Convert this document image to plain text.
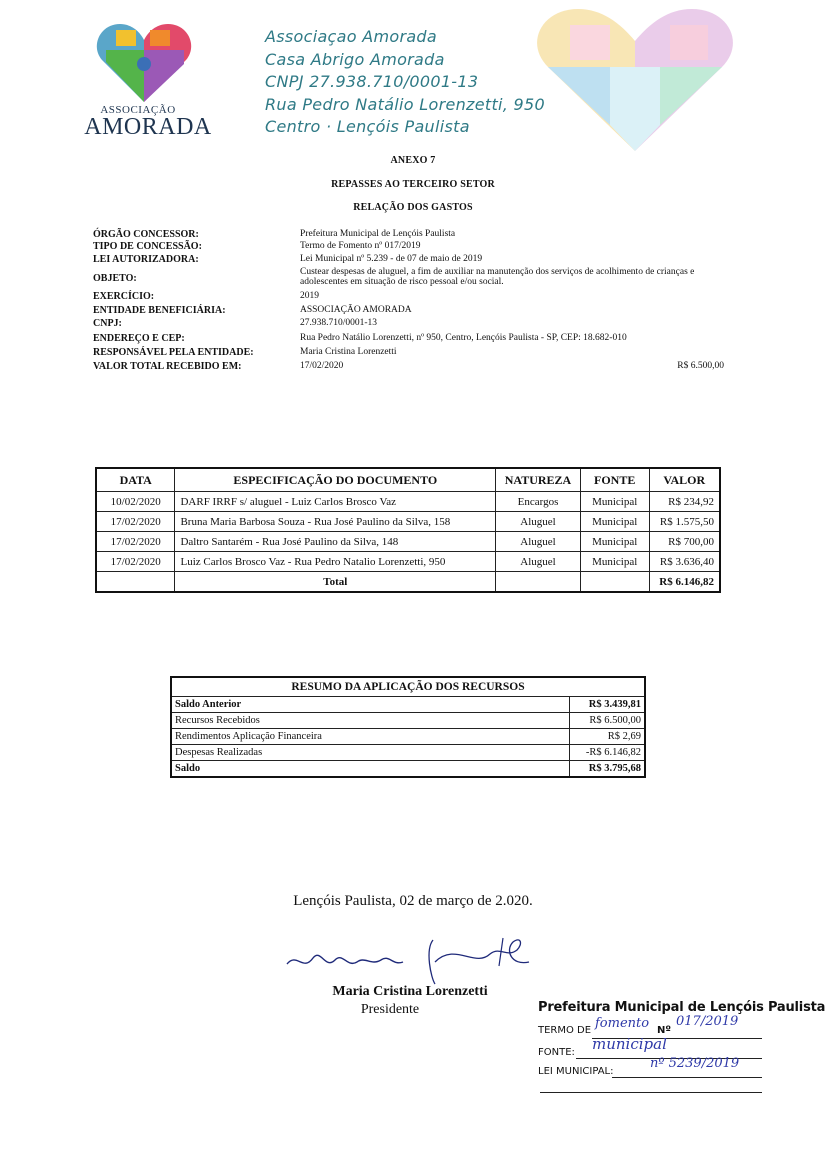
ASSOCIAÇÃO
AMORADA
Associaçao Amorada
Casa Abrigo Amorada
CNPJ 27.938.710/0001-13
Rua Pedro Natálio Lorenzetti, 950
Centro · Lençóis Paulista
ANEXO 7
REPASSES AO TERCEIRO SETOR
RELAÇÃO DOS GASTOS
ÓRGÃO CONCESSOR:	Prefeitura Municipal de Lençóis Paulista
TIPO DE CONCESSÃO:	Termo de Fomento nº 017/2019
LEI AUTORIZADORA:	Lei Municipal nº 5.239 - de 07 de maio de 2019
OBJETO:
Custear despesas de aluguel, a fim de auxiliar na manutenção dos serviços de acolhimento de crianças e adolescentes em situação de risco pessoal e/ou social.
EXERCÍCIO:	2019
ENTIDADE BENEFICIÁRIA:	ASSOCIAÇÃO AMORADA
CNPJ:	27.938.710/0001-13
ENDEREÇO E CEP:	Rua Pedro Natálio Lorenzetti, nº 950, Centro, Lençóis Paulista - SP, CEP: 18.682-010
RESPONSÁVEL PELA ENTIDADE:	Maria Cristina Lorenzetti
VALOR TOTAL RECEBIDO EM:	17/02/2020	R$ 6.500,00
DATA	ESPECIFICAÇÃO DO DOCUMENTO	NATUREZA	FONTE	VALOR
10/02/2020	DARF IRRF s/ aluguel - Luiz Carlos Brosco Vaz	Encargos	Municipal	R$ 234,92
17/02/2020	Bruna Maria Barbosa Souza - Rua José Paulino da Silva, 158	Aluguel	Municipal	R$ 1.575,50
17/02/2020	Daltro Santarém - Rua José Paulino da Silva, 148	Aluguel	Municipal	R$ 700,00
17/02/2020	Luiz Carlos Brosco Vaz - Rua Pedro Natalio Lorenzetti, 950	Aluguel	Municipal	R$ 3.636,40
	Total			R$ 6.146,82
RESUMO DA APLICAÇÃO DOS RECURSOS	
Saldo Anterior	R$ 3.439,81
Recursos Recebidos	R$ 6.500,00
Rendimentos Aplicação Financeira	R$ 2,69
Despesas Realizadas	-R$ 6.146,82
Saldo	R$ 3.795,68
Lençóis Paulista, 02 de março de 2.020.
Maria Cristina Lorenzetti
Presidente	Prefeitura Municipal de Lençóis Paulista
TERMO DE fomento Nº
017/2019
FONTE: municipal
LEI MUNICIPAL:
nº 5239/2019
